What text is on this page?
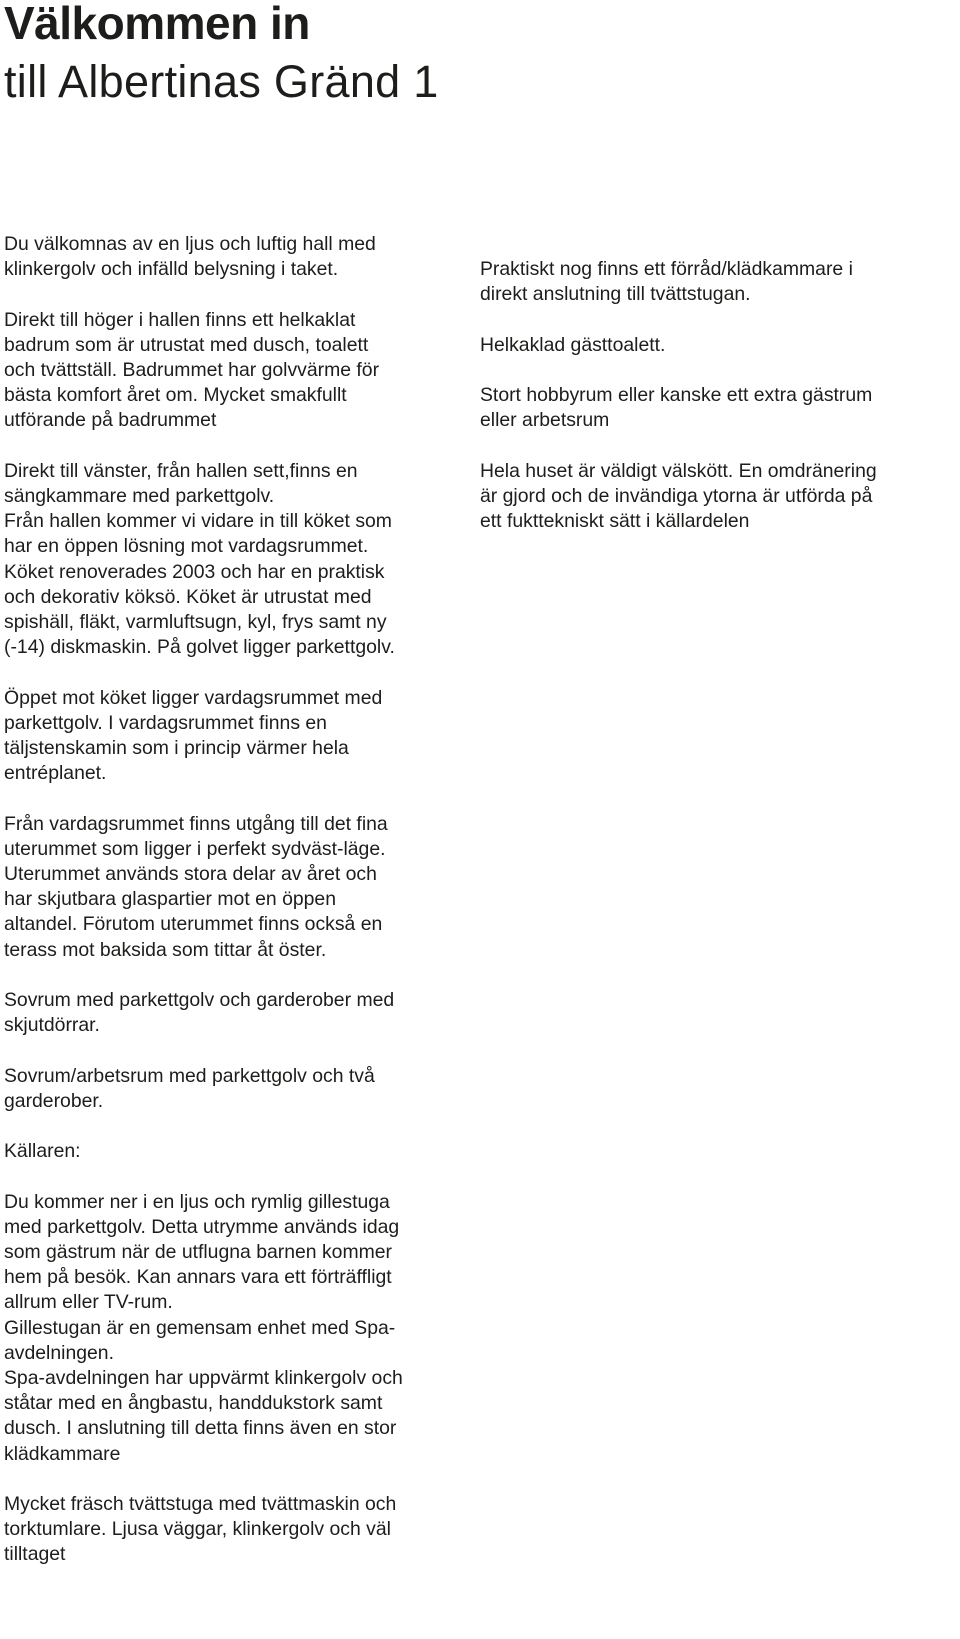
Välkommen in
till Albertinas Gränd 1

Du välkomnas av en ljus och luftig hall med
klinkergolv och infälld belysning i taket.

Direkt till höger i hallen finns ett helkaklat
badrum som är utrustat med dusch, toalett
och tvättställ. Badrummet har golvvärme för
bästa komfort året om. Mycket smakfullt
utförande på badrummet

Direkt till vänster, från hallen sett,finns en
sängkammare med parkettgolv.

Från hallen kommer vi vidare in till köket som
har en öppen lösning mot vardagsrummet.
Köket renoverades 2003 och har en praktisk
och dekorativ köksö. Köket är utrustat med
spishäll, fläkt, varmluftsugn, kyl, frys samt ny
(-14) diskmaskin. På golvet ligger parkettgolv.

Öppet mot köket ligger vardagsrummet med
parkettgolv. I vardagsrummet finns en
täljstenskamin som i princip värmer hela
entréplanet.

Från vardagsrummet finns utgång till det fina
uterummet som ligger i perfekt sydväst-läge.
Uterummet används stora delar av året och
har skjutbara glaspartier mot en öppen
altandel. Förutom uterummet finns också en
terass mot baksida som tittar åt öster.

Sovrum med parkettgolv och garderober med
skjutdörrar.

Sovrum/arbetsrum med parkettgolv och två
garderober.

Källaren:

Du kommer ner i en ljus och rymlig gillestuga
med parkettgolv. Detta utrymme används idag
som gästrum när de utflugna barnen kommer
hem på besök. Kan annars vara ett förträffligt
allrum eller TV-rum.

Gillestugan är en gemensam enhet med Spa-
avdelningen.

Spa-avdelningen har uppvärmt klinkergolv och
ståtar med en ångbastu, handdukstork samt
dusch. I anslutning till detta finns även en stor
klädkammare

Mycket fräsch tvättstuga med tvättmaskin och
torktumlare. Ljusa väggar, klinkergolv och väl
tilltaget

Praktiskt nog finns ett förråd/klädkammare i
direkt anslutning till tvättstugan.

Helkaklad gästtoalett.

Stort hobbyrum eller kanske ett extra gästrum
eller arbetsrum

Hela huset är väldigt välskött. En omdränering
är gjord och de invändiga ytorna är utförda på
ett fukttekniskt sätt i källardelen
